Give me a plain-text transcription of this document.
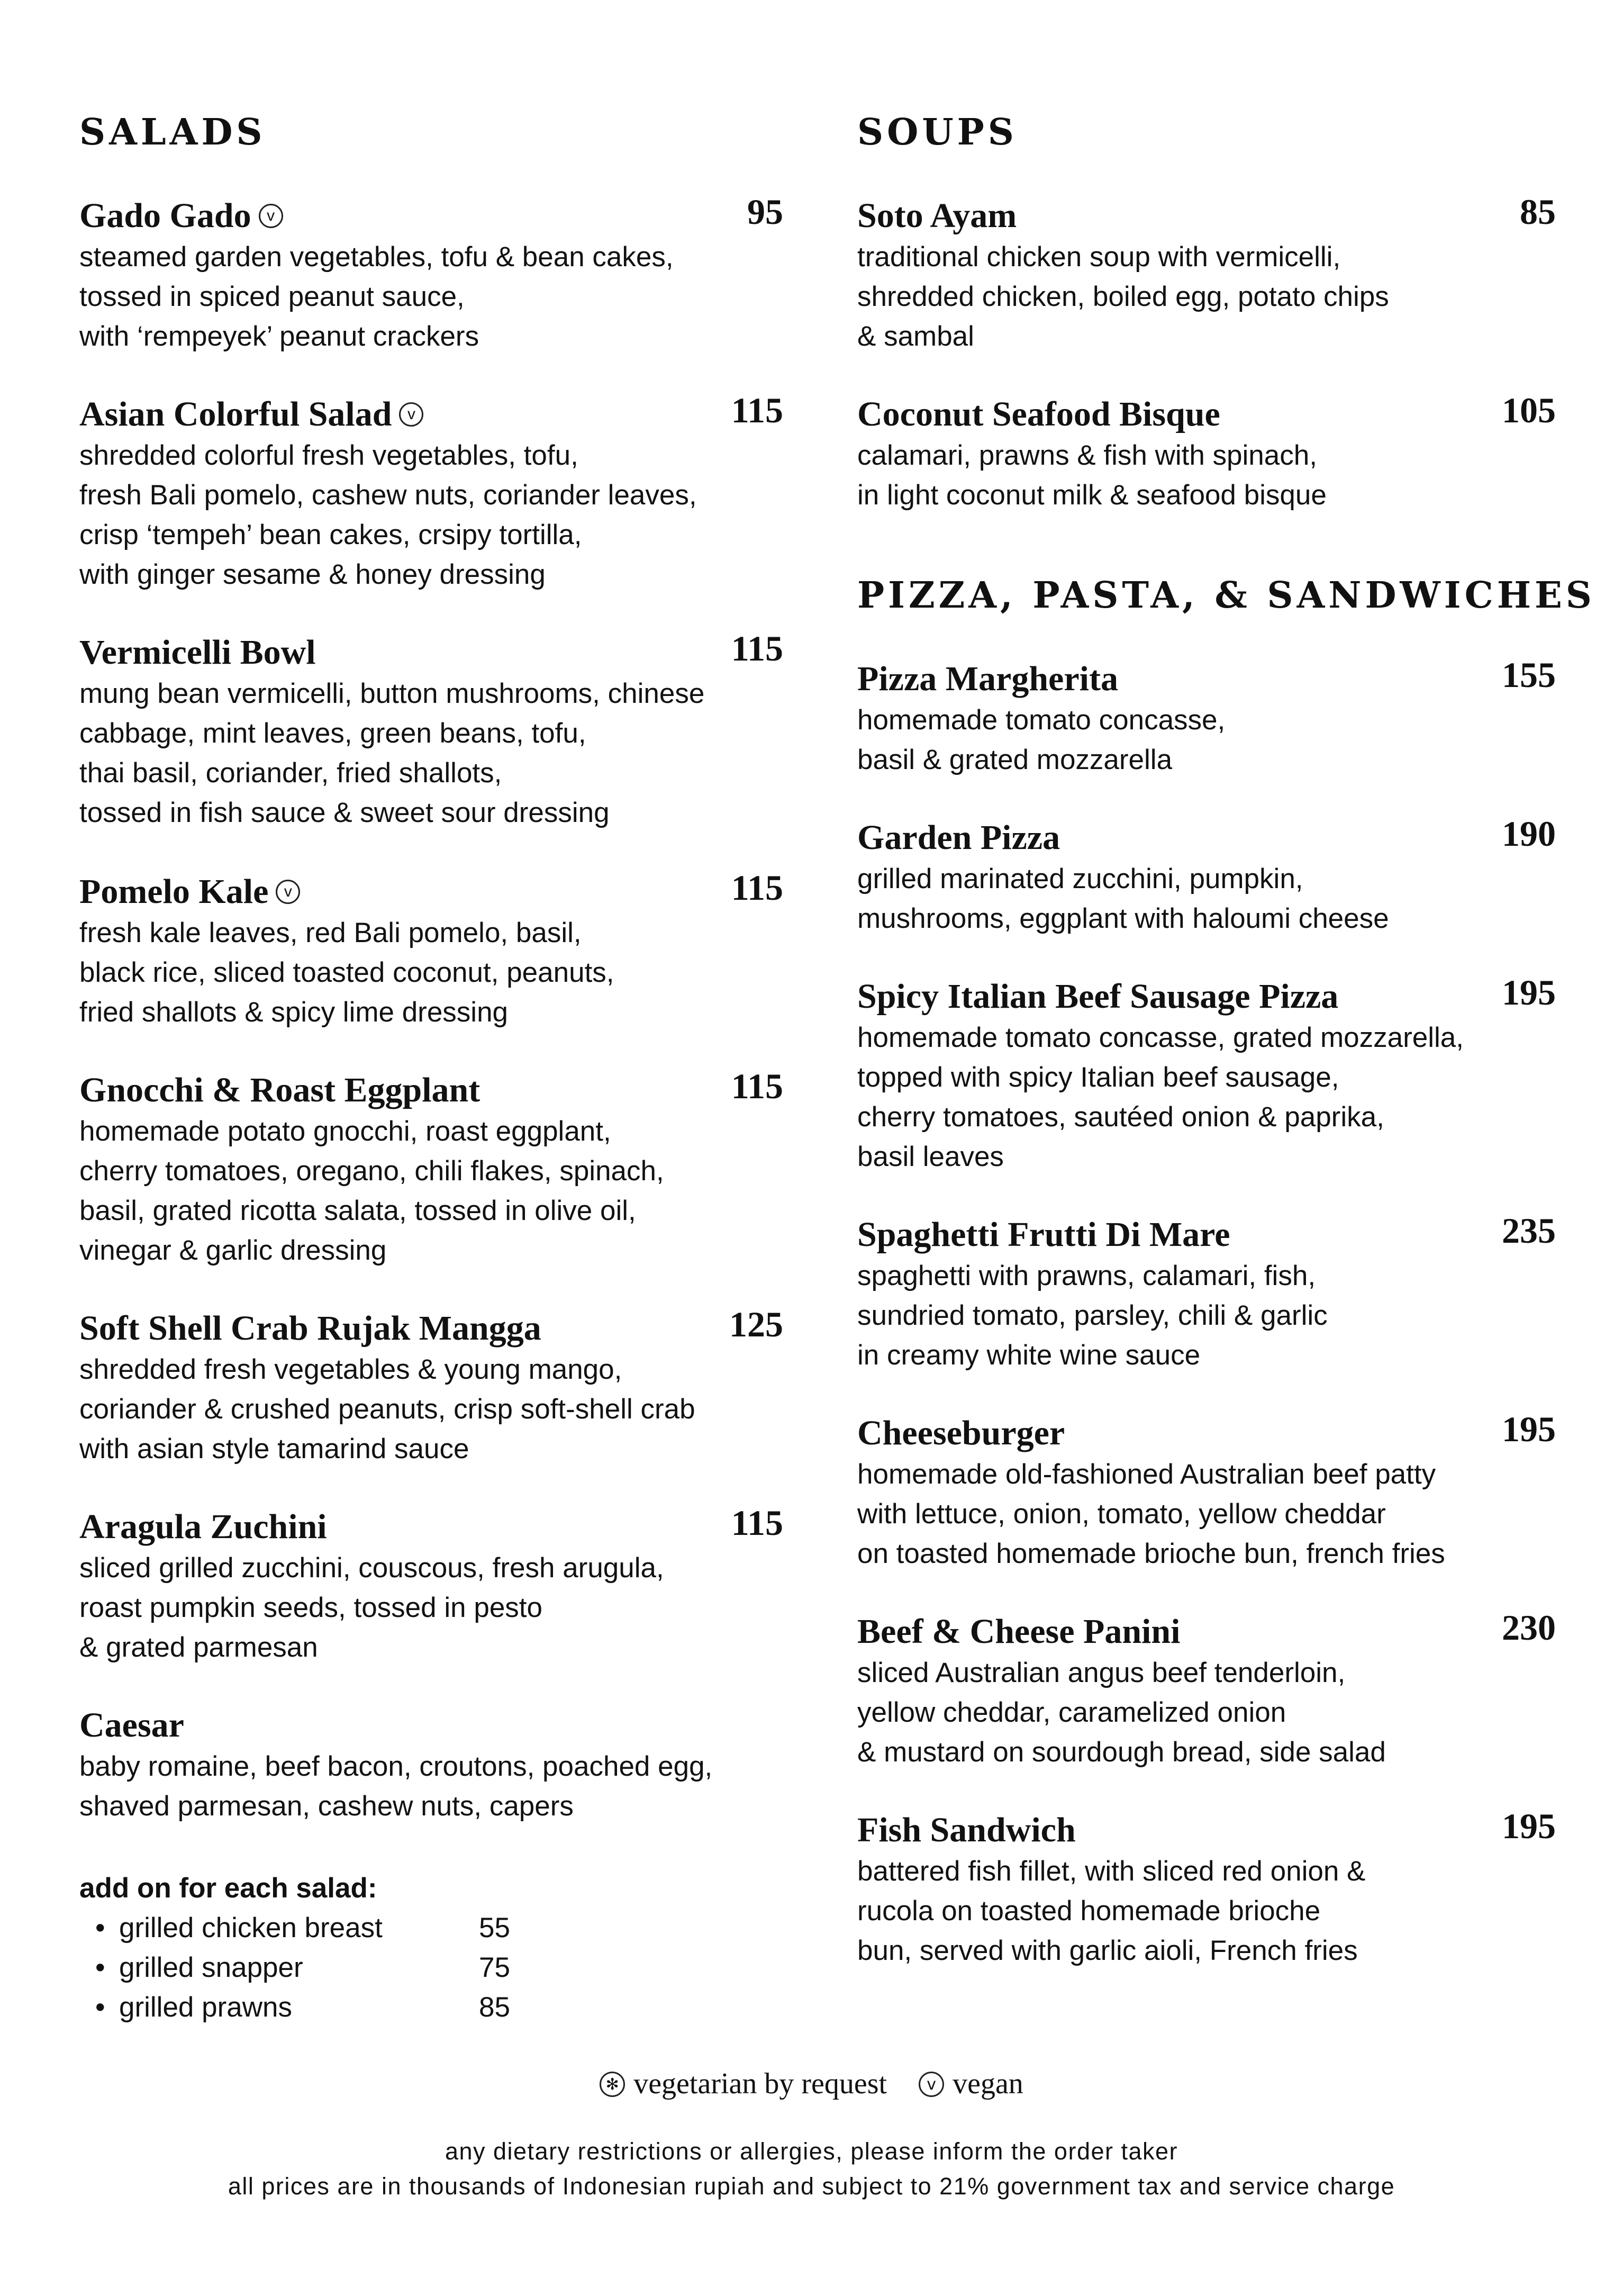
SALADS
Gado Gado v	95
steamed garden vegetables, tofu & bean cakes,
tossed in spiced peanut sauce,
with ‘rempeyek’ peanut crackers
Asian Colorful Salad v	115
shredded colorful fresh vegetables, tofu,
fresh Bali pomelo, cashew nuts, coriander leaves,
crisp ‘tempeh’ bean cakes, crsipy tortilla,
with ginger sesame & honey dressing
Vermicelli Bowl	115
mung bean vermicelli, button mushrooms, chinese
cabbage, mint leaves, green beans, tofu,
thai basil, coriander, fried shallots,
tossed in fish sauce & sweet sour dressing
Pomelo Kale v	115
fresh kale leaves, red Bali pomelo, basil,
black rice, sliced toasted coconut, peanuts,
fried shallots & spicy lime dressing
Gnocchi & Roast Eggplant	115
homemade potato gnocchi, roast eggplant,
cherry tomatoes, oregano, chili flakes, spinach,
basil, grated ricotta salata, tossed in olive oil,
vinegar & garlic dressing
Soft Shell Crab Rujak Mangga	125
shredded fresh vegetables & young mango,
coriander & crushed peanuts, crisp soft-shell crab
with asian style tamarind sauce
Aragula Zuchini	115
sliced grilled zucchini, couscous, fresh arugula,
roast pumpkin seeds, tossed in pesto
& grated parmesan
Caesar
baby romaine, beef bacon, croutons, poached egg,
shaved parmesan, cashew nuts, capers
add on for each salad:
• grilled chicken breast	55
• grilled snapper	75
• grilled prawns	85
SOUPS
Soto Ayam	85
traditional chicken soup with vermicelli,
shredded chicken, boiled egg, potato chips
& sambal
Coconut Seafood Bisque	105
calamari, prawns & fish with spinach,
in light coconut milk & seafood bisque
PIZZA, PASTA, & SANDWICHES
Pizza Margherita	155
homemade tomato concasse,
basil & grated mozzarella
Garden Pizza	190
grilled marinated zucchini, pumpkin,
mushrooms, eggplant with haloumi cheese
Spicy Italian Beef Sausage Pizza	195
homemade tomato concasse, grated mozzarella,
topped with spicy Italian beef sausage,
cherry tomatoes, sautéed onion & paprika,
basil leaves
Spaghetti Frutti Di Mare	235
spaghetti with prawns, calamari, fish,
sundried tomato, parsley, chili & garlic
in creamy white wine sauce
Cheeseburger	195
homemade old-fashioned Australian beef patty
with lettuce, onion, tomato, yellow cheddar
on toasted homemade brioche bun, french fries
Beef & Cheese Panini	230
sliced Australian angus beef tenderloin,
yellow cheddar, caramelized onion
& mustard on sourdough bread, side salad
Fish Sandwich	195
battered fish fillet, with sliced red onion &
rucola on toasted homemade brioche
bun, served with garlic aioli, French fries
✻ vegetarian by request	v vegan
any dietary restrictions or allergies, please inform the order taker
all prices are in thousands of Indonesian rupiah and subject to 21% government tax and service charge
